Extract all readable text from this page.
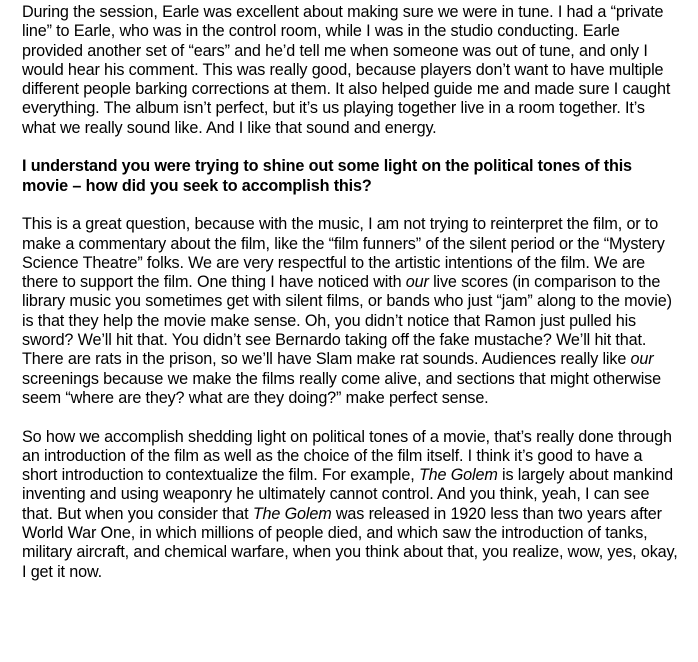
During the session, Earle was excellent about making sure we were in tune. I had a “private line” to Earle, who was in the control room, while I was in the studio conducting. Earle provided another set of “ears” and he’d tell me when someone was out of tune, and only I would hear his comment. This was really good, because players don’t want to have multiple different people barking corrections at them. It also helped guide me and made sure I caught everything. The album isn’t perfect, but it’s us playing together live in a room together. It’s what we really sound like. And I like that sound and energy.

I understand you were trying to shine out some light on the political tones of this movie – how did you seek to accomplish this?

This is a great question, because with the music, I am not trying to reinterpret the film, or to make a commentary about the film, like the “film funners” of the silent period or the “Mystery Science Theatre” folks. We are very respectful to the artistic intentions of the film. We are there to support the film. One thing I have noticed with our live scores (in comparison to the library music you sometimes get with silent films, or bands who just “jam” along to the movie) is that they help the movie make sense. Oh, you didn’t notice that Ramon just pulled his sword? We’ll hit that. You didn’t see Bernardo taking off the fake mustache? We’ll hit that. There are rats in the prison, so we’ll have Slam make rat sounds. Audiences really like our screenings because we make the films really come alive, and sections that might otherwise seem “where are they? what are they doing?” make perfect sense.

So how we accomplish shedding light on political tones of a movie, that’s really done through an introduction of the film as well as the choice of the film itself. I think it’s good to have a short introduction to contextualize the film. For example, The Golem is largely about mankind inventing and using weaponry he ultimately cannot control. And you think, yeah, I can see that. But when you consider that The Golem was released in 1920 less than two years after World War One, in which millions of people died, and which saw the introduction of tanks, military aircraft, and chemical warfare, when you think about that, you realize, wow, yes, okay, I get it now.
